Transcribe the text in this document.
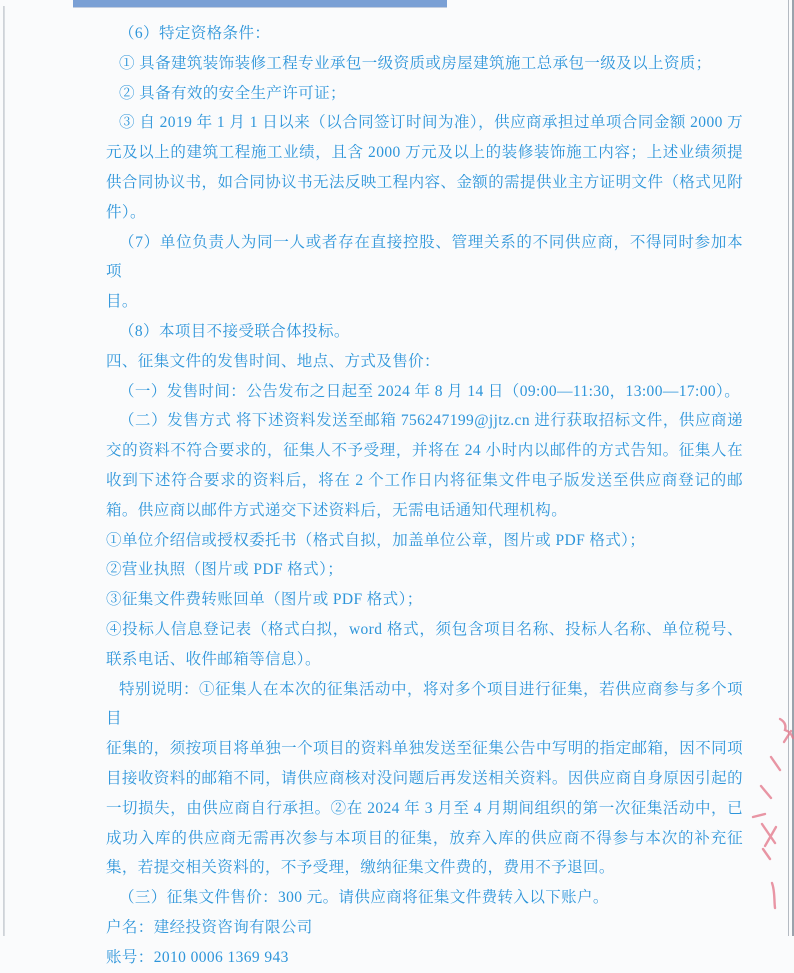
（6）特定资格条件：
① 具备建筑装饰装修工程专业承包一级资质或房屋建筑施工总承包一级及以上资质；
② 具备有效的安全生产许可证；
③ 自 2019 年 1 月 1 日以来（以合同签订时间为准），供应商承担过单项合同金额 2000 万
元及以上的建筑工程施工业绩，且含 2000 万元及以上的装修装饰施工内容；上述业绩须提
供合同协议书，如合同协议书无法反映工程内容、金额的需提供业主方证明文件（格式见附
件）。
（7）单位负责人为同一人或者存在直接控股、管理关系的不同供应商，不得同时参加本项
目。
（8）本项目不接受联合体投标。
四、征集文件的发售时间、地点、方式及售价：
（一）发售时间：公告发布之日起至 2024 年 8 月 14 日（09:00—11:30，13:00—17:00）。
（二）发售方式 将下述资料发送至邮箱 756247199@jjtz.cn 进行获取招标文件，供应商递
交的资料不符合要求的，征集人不予受理，并将在 24 小时内以邮件的方式告知。征集人在
收到下述符合要求的资料后，将在 2 个工作日内将征集文件电子版发送至供应商登记的邮
箱。供应商以邮件方式递交下述资料后，无需电话通知代理机构。
①单位介绍信或授权委托书（格式自拟，加盖单位公章，图片或 PDF 格式）；
②营业执照（图片或 PDF 格式）；
③征集文件费转账回单（图片或 PDF 格式）；
④投标人信息登记表（格式白拟，word 格式，须包含项目名称、投标人名称、单位税号、
联系电话、收件邮箱等信息）。
特别说明：①征集人在本次的征集活动中，将对多个项目进行征集，若供应商参与多个项目
征集的，须按项目将单独一个项目的资料单独发送至征集公告中写明的指定邮箱，因不同项
目接收资料的邮箱不同，请供应商核对没问题后再发送相关资料。因供应商自身原因引起的
一切损失，由供应商自行承担。②在 2024 年 3 月至 4 月期间组织的第一次征集活动中，已
成功入库的供应商无需再次参与本项目的征集，放弃入库的供应商不得参与本次的补充征
集，若提交相关资料的，不予受理，缴纳征集文件费的，费用不予退回。
（三）征集文件售价：300 元。请供应商将征集文件费转入以下账户。
户名：建经投资咨询有限公司
账号：2010 0006 1369 943
